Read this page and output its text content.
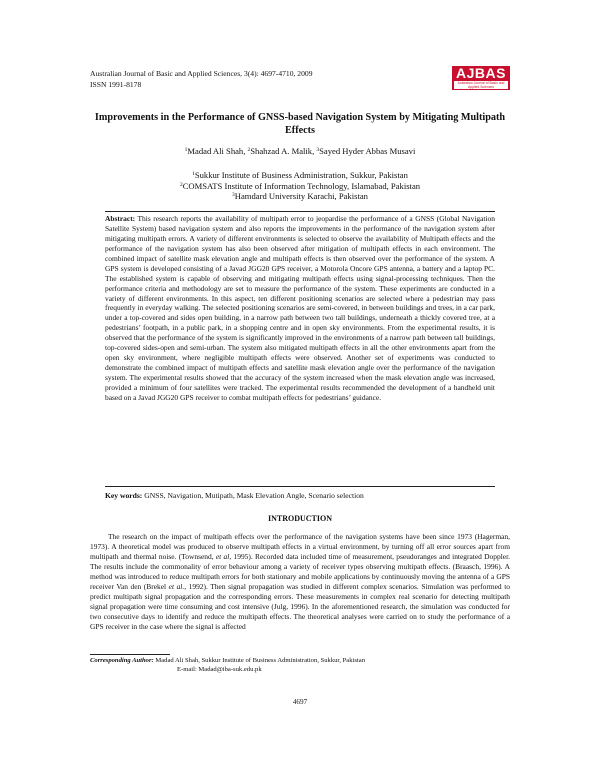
Australian Journal of Basic and Applied Sciences, 3(4): 4697-4710, 2009
ISSN 1991-8178
AJBAS
Australian Journal of Basic and Applied Sciences
Improvements in the Performance of GNSS-based Navigation System by Mitigating Multipath Effects
$^1$Madad Ali Shah, $^2$Shahzad A. Malik, $^3$Sayed Hyder Abbas Musavi
$^1$Sukkur Institute of Business Administration, Sukkur, Pakistan
$^2$COMSATS Institute of Information Technology, Islamabad, Pakistan
$^3$Hamdard University Karachi, Pakistan

Abstract: This research reports the availability of multipath error to jeopardise the performance of a GNSS (Global Navigation Satellite System) based navigation system and also reports the improvements in the performance of the navigation system after mitigating multipath errors. A variety of different environments is selected to observe the availability of Multipath effects and the performance of the navigation system has also been observed after mitigation of multipath effects in each environment. The combined impact of satellite mask elevation angle and multipath effects is then observed over the performance of the system. A GPS system is developed consisting of a Javad JGG20 GPS receiver, a Motorola Oncore GPS antenna, a battery and a laptop PC. The established system is capable of observing and mitigating multipath effects using signal-processing techniques. Then the performance criteria and methodology are set to measure the performance of the system. These experiments are conducted in a variety of different environments. In this aspect, ten different positioning scenarios are selected where a pedestrian may pass frequently in everyday walking. The selected positioning scenarios are semi-covered, in between buildings and trees, in a car park, under a top-covered and sides open building, in a narrow path between two tall buildings, underneath a thickly covered tree, at a pedestrians’ footpath, in a public park, in a shopping centre and in open sky environments. From the experimental results, it is observed that the performance of the system is significantly improved in the environments of a narrow path between tall buildings, top-covered sides-open and semi-urban. The system also mitigated multipath effects in all the other environments apart from the open sky environment, where negligible multipath effects were observed. Another set of experiments was conducted to demonstrate the combined impact of multipath effects and satellite mask elevation angle over the performance of the navigation system. The experimental results showed that the accuracy of the system increased when the mask elevation angle was increased, provided a minimum of four satellites were tracked. The experimental results recommended the development of a handheld unit based on a Javad JGG20 GPS receiver to combat multipath effects for pedestrians’ guidance.

Key words: GNSS, Navigation, Mutipath, Mask Elevation Angle, Scenario selection
INTRODUCTION

The research on the impact of multipath effects over the performance of the navigation systems have been since 1973 (Hagerman, 1973). A theoretical model was produced to observe multipath effects in a virtual environment, by turning off all error sources apart from multipath and thermal noise. (Townsend, et al, 1995). Recorded data included time of measurement, pseudoranges and integrated Doppler. The results include the commonality of error behaviour among a variety of receiver types observing multipath effects. (Braasch, 1996). A method was introduced to reduce multipath errors for both stationary and mobile applications by continuously moving the antenna of a GPS receiver Van den (Brekel et al., 1992). Then signal propagation was studied in different complex scenarios. Simulation was performed to predict multipath signal propagation and the corresponding errors. These measurements in complex real scenario for detecting multipath signal propagation were time consuming and cost intensive (Julg, 1996). In the aforementioned research, the simulation was conducted for two consecutive days to identify and reduce the multipath effects. The theoretical analyses were carried on to study the performance of a GPS receiver in the case where the signal is affected

Corresponding Author: Madad Ali Shah, Sukkur Institute of Business Administration, Sukkur, Pakistan
E-mail: Madad@iba-suk.edu.pk
4697
